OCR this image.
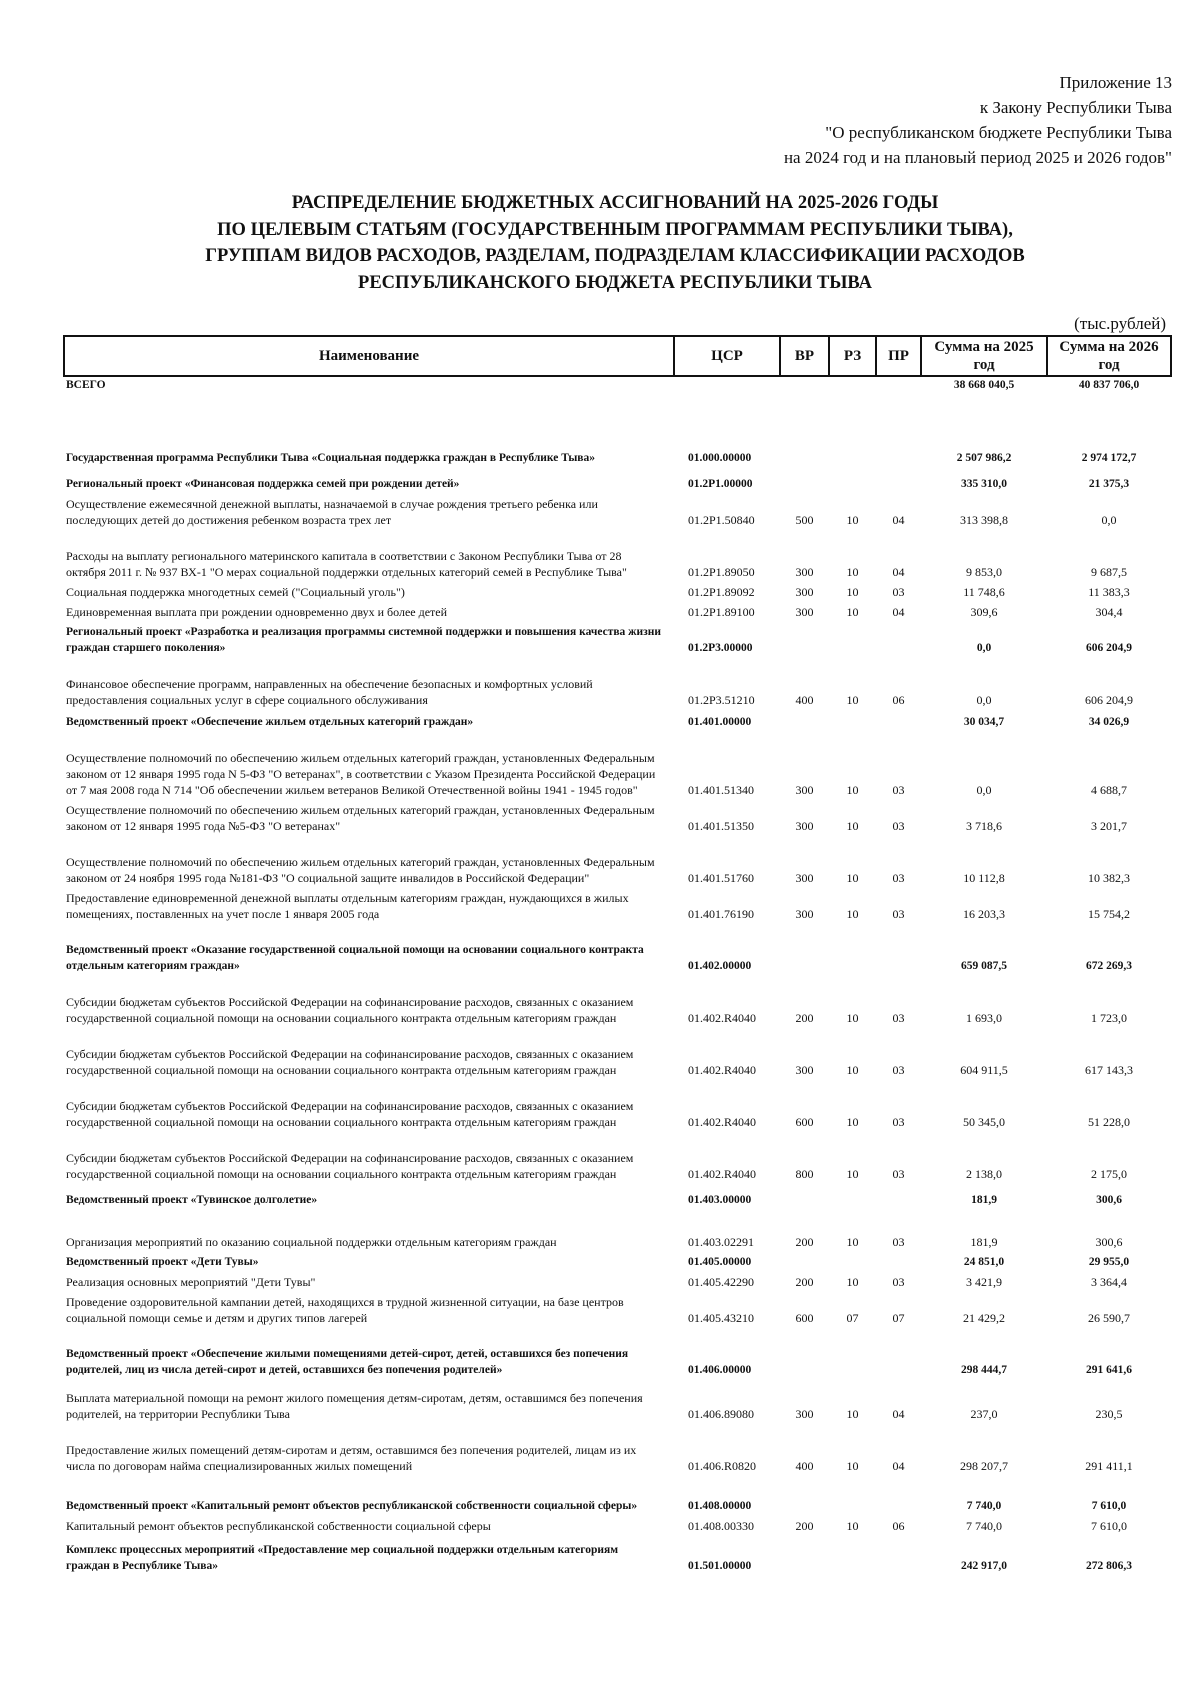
Приложение 13
к Закону Республики Тыва
"О республиканском бюджете Республики Тыва
на 2024 год и на плановый период 2025 и 2026 годов"
РАСПРЕДЕЛЕНИЕ БЮДЖЕТНЫХ АССИГНОВАНИЙ НА 2025-2026 ГОДЫ
ПО ЦЕЛЕВЫМ СТАТЬЯМ (ГОСУДАРСТВЕННЫМ ПРОГРАММАМ РЕСПУБЛИКИ ТЫВА),
ГРУППАМ ВИДОВ РАСХОДОВ, РАЗДЕЛАМ, ПОДРАЗДЕЛАМ КЛАССИФИКАЦИИ РАСХОДОВ
РЕСПУБЛИКАНСКОГО БЮДЖЕТА РЕСПУБЛИКИ ТЫВА
(тыс.рублей)
Наименование	ЦСР	ВР	РЗ	ПР	Сумма на 2025 год	Сумма на 2026 год
ВСЕГО					38 668 040,5	40 837 706,0
Государственная программа Республики Тыва «Социальная поддержка граждан в Республике Тыва»	01.000.00000				2 507 986,2	2 974 172,7
Региональный проект «Финансовая поддержка семей при рождении детей»	01.2P1.00000				335 310,0	21 375,3
Осуществление ежемесячной денежной выплаты, назначаемой в случае рождения третьего ребенка или последующих детей до достижения ребенком возраста трех лет	01.2P1.50840	500	10	04	313 398,8	0,0
Расходы на выплату регионального материнского капитала в соответствии с Законом Республики Тыва от 28 октября 2011 г. № 937 ВХ-1 "О мерах социальной поддержки отдельных категорий семей в Республике Тыва"	01.2P1.89050	300	10	04	9 853,0	9 687,5
Социальная поддержка многодетных семей ("Социальный уголь")	01.2P1.89092	300	10	03	11 748,6	11 383,3
Единовременная выплата при рождении одновременно двух и более детей	01.2P1.89100	300	10	04	309,6	304,4
Региональный проект «Разработка и реализация программы системной поддержки и повышения качества жизни граждан старшего поколения»	01.2P3.00000				0,0	606 204,9
Финансовое обеспечение программ, направленных на обеспечение безопасных и комфортных условий предоставления социальных услуг в сфере социального обслуживания	01.2P3.51210	400	10	06	0,0	606 204,9
Ведомственный проект «Обеспечение жильем отдельных категорий граждан»	01.401.00000				30 034,7	34 026,9
Осуществление полномочий по обеспечению жильем отдельных категорий граждан, установленных Федеральным законом от 12 января 1995 года N 5-ФЗ "О ветеранах", в соответствии с Указом Президента Российской Федерации от 7 мая 2008 года N 714 "Об обеспечении жильем ветеранов Великой Отечественной войны 1941 - 1945 годов"	01.401.51340	300	10	03	0,0	4 688,7
Осуществление полномочий по обеспечению жильем отдельных категорий граждан, установленных Федеральным законом от 12 января 1995 года №5-ФЗ "О ветеранах"	01.401.51350	300	10	03	3 718,6	3 201,7
Осуществление полномочий по обеспечению жильем отдельных категорий граждан, установленных Федеральным законом от 24 ноября 1995 года №181-ФЗ "О социальной защите инвалидов в Российской Федерации"	01.401.51760	300	10	03	10 112,8	10 382,3
Предоставление единовременной денежной выплаты отдельным категориям граждан, нуждающихся в жилых помещениях, поставленных на учет после 1 января 2005 года	01.401.76190	300	10	03	16 203,3	15 754,2
Ведомственный проект «Оказание государственной социальной помощи на основании социального контракта отдельным категориям граждан»	01.402.00000				659 087,5	672 269,3
Субсидии бюджетам субъектов Российской Федерации на софинансирование расходов, связанных с оказанием государственной социальной помощи на основании социального контракта отдельным категориям граждан	01.402.R4040	200	10	03	1 693,0	1 723,0
Субсидии бюджетам субъектов Российской Федерации на софинансирование расходов, связанных с оказанием государственной социальной помощи на основании социального контракта отдельным категориям граждан	01.402.R4040	300	10	03	604 911,5	617 143,3
Субсидии бюджетам субъектов Российской Федерации на софинансирование расходов, связанных с оказанием государственной социальной помощи на основании социального контракта отдельным категориям граждан	01.402.R4040	600	10	03	50 345,0	51 228,0
Субсидии бюджетам субъектов Российской Федерации на софинансирование расходов, связанных с оказанием государственной социальной помощи на основании социального контракта отдельным категориям граждан	01.402.R4040	800	10	03	2 138,0	2 175,0
Ведомственный проект «Тувинское долголетие»	01.403.00000				181,9	300,6
Организация мероприятий по оказанию социальной поддержки отдельным категориям граждан	01.403.02291	200	10	03	181,9	300,6
Ведомственный проект «Дети Тувы»	01.405.00000				24 851,0	29 955,0
Реализация основных мероприятий "Дети Тувы"	01.405.42290	200	10	03	3 421,9	3 364,4
Проведение оздоровительной кампании детей, находящихся в трудной жизненной ситуации, на базе центров социальной помощи семье и детям и других типов лагерей	01.405.43210	600	07	07	21 429,2	26 590,7
Ведомственный проект «Обеспечение жилыми помещениями детей-сирот, детей, оставшихся без попечения родителей, лиц из числа детей-сирот и детей, оставшихся без попечения родителей»	01.406.00000				298 444,7	291 641,6
Выплата материальной помощи на ремонт жилого помещения детям-сиротам, детям, оставшимся без попечения родителей, на территории Республики Тыва	01.406.89080	300	10	04	237,0	230,5
Предоставление жилых помещений детям-сиротам и детям, оставшимся без попечения родителей, лицам из их числа по договорам найма специализированных жилых помещений	01.406.R0820	400	10	04	298 207,7	291 411,1
Ведомственный проект «Капитальный ремонт объектов республиканской собственности социальной сферы»	01.408.00000				7 740,0	7 610,0
Капитальный ремонт объектов республиканской собственности социальной сферы	01.408.00330	200	10	06	7 740,0	7 610,0
Комплекс процессных мероприятий «Предоставление мер социальной поддержки отдельным категориям граждан в Республике Тыва»	01.501.00000				242 917,0	272 806,3
